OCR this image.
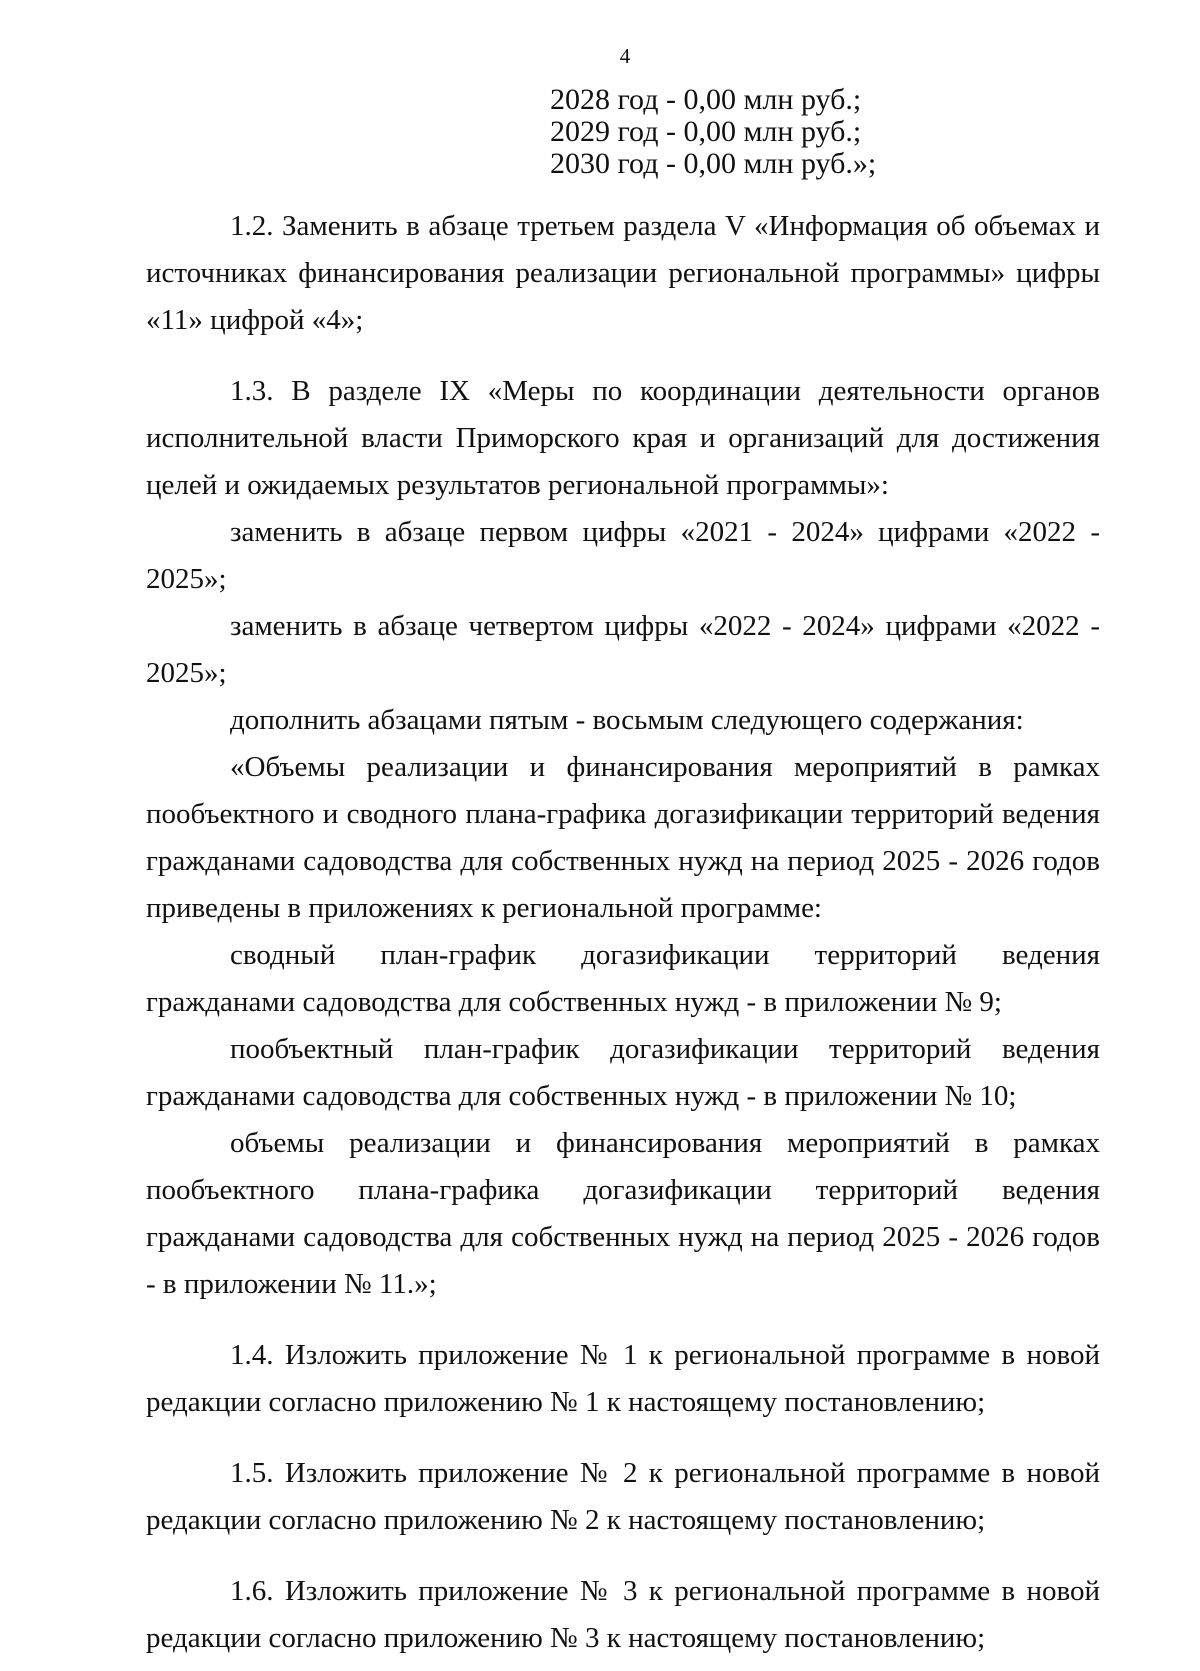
4
2028 год - 0,00 млн руб.;
2029 год - 0,00 млн руб.;
2030 год - 0,00 млн руб.»;

1.2. Заменить в абзаце третьем раздела V «Информация об объемах и источниках финансирования реализации региональной программы» цифры «11» цифрой «4»;

1.3. В разделе IX «Меры по координации деятельности органов исполнительной власти Приморского края и организаций для достижения целей и ожидаемых результатов региональной программы»:

заменить в абзаце первом цифры «2021 - 2024» цифрами «2022 - 2025»;

заменить в абзаце четвертом цифры «2022 - 2024» цифрами «2022 - 2025»;

дополнить абзацами пятым - восьмым следующего содержания:

«Объемы реализации и финансирования мероприятий в рамках пообъектного и сводного плана-графика догазификации территорий ведения гражданами садоводства для собственных нужд на период 2025 - 2026 годов приведены в приложениях к региональной программе:

сводный план-график догазификации территорий ведения гражданами садоводства для собственных нужд - в приложении № 9;

пообъектный план-график догазификации территорий ведения гражданами садоводства для собственных нужд - в приложении № 10;

объемы реализации и финансирования мероприятий в рамках пообъектного плана-графика догазификации территорий ведения гражданами садоводства для собственных нужд на период 2025 - 2026 годов - в приложении № 11.»;

1.4. Изложить приложение № 1 к региональной программе в новой редакции согласно приложению № 1 к настоящему постановлению;

1.5. Изложить приложение № 2 к региональной программе в новой редакции согласно приложению № 2 к настоящему постановлению;

1.6. Изложить приложение № 3 к региональной программе в новой редакции согласно приложению № 3 к настоящему постановлению;
